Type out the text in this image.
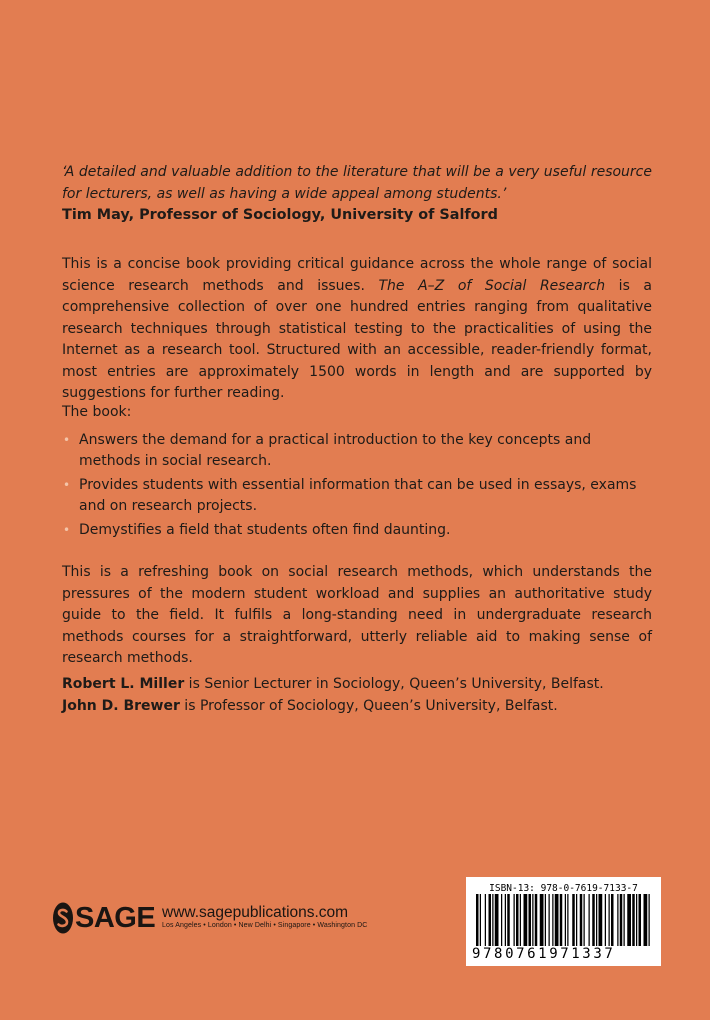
‘A detailed and valuable addition to the literature that will be a very useful resource for lecturers, as well as having a wide appeal among students.’

Tim May, Professor of Sociology, University of Salford

This is a concise book providing critical guidance across the whole range of social science research methods and issues. The A–Z of Social Research is a comprehensive collection of over one hundred entries ranging from qualitative research techniques through statistical testing to the practicalities of using the Internet as a research tool. Structured with an accessible, reader-friendly format, most entries are approximately 1500 words in length and are supported by suggestions for further reading.

The book:

• Answers the demand for a practical introduction to the key concepts and methods in social research.
• Provides students with essential information that can be used in essays, exams and on research projects.
• Demystifies a field that students often find daunting.

This is a refreshing book on social research methods, which understands the pressures of the modern student workload and supplies an authoritative study guide to the field. It fulfils a long-standing need in undergraduate research methods courses for a straightforward, utterly reliable aid to making sense of research methods.

Robert L. Miller is Senior Lecturer in Sociology, Queen’s University, Belfast.

John D. Brewer is Professor of Sociology, Queen’s University, Belfast.

SAGE www.sagepublications.com
Los Angeles • London • New Delhi • Singapore • Washington DC
ISBN-13: 978-0-7619-7133-7
9780761971337
